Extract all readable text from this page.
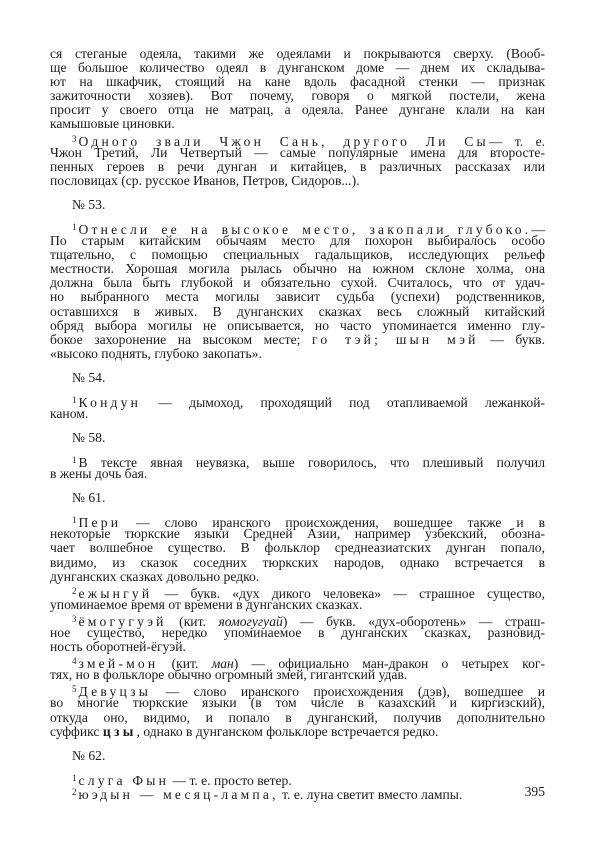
ся стеганые одеяла, такими же одеялами и покрываются сверху. (Вооб-
ще большое количество одеял в дунганском доме — днем их складыва-
ют на шкафчик, стоящий на кане вдоль фасадной стенки — признак
зажиточности хозяев). Вот почему, говоря о мягкой постели, жена
просит у своего отца не матрац, а одеяла. Ранее дунгане клали на кан
камышовые циновки.
$^3$ Одного звали Чжон Сань, другого Ли Сы— т. е.
Чжон Третий, Ли Четвертый — самые популярные имена для второсте-
пенных героев в речи дунган и китайцев, в различных рассказах или
пословицах (ср. русское Иванов, Петров, Сидоров...).
№ 53.
$^1$ Отнесли ее на высокое место, закопали глубоко.—
По старым китайским обычаям место для похорон выбиралось особо
тщательно, с помощью специальных гадальщиков, исследующих рельеф
местности. Хорошая могила рылась обычно на южном склоне холма, она
должна была быть глубокой и обязательно сухой. Считалось, что от удач-
но выбранного места могилы зависит судьба (успехи) родственников,
оставшихся в живых. В дунганских сказках весь сложный китайский
обряд выбора могилы не описывается, но часто упоминается именно глу-
бокое захоронение на высоком месте; го тэй; шын мэй — букв.
«высоко поднять, глубоко закопать».
№ 54.
$^1$ Кондун — дымоход, проходящий под отапливаемой лежанкой-
каном.
№ 58.
$^1$ В тексте явная неувязка, выше говорилось, что плешивый получил
в жены дочь бая.
№ 61.
$^1$ Пери — слово иранского происхождения, вошедшее также и в
некоторые тюркские языки Средней Азии, например узбекский, обозна-
чает волшебное существо. В фольклор среднеазиатских дунган попало,
видимо, из сказок соседних тюркских народов, однако встречается в
дунганских сказках довольно редко.
$^2$ ежынгуй — букв. «дух дикого человека» — страшное существо,
упоминаемое время от времени в дунганских сказках.
$^3$ ёмогугуэй (кит. яомогугуай) — букв. «дух-оборотень» — страш-
ное существо, нередко упоминаемое в дунганских сказках, разновид-
ность оборотней-ёгуэй.
$^4$ змей-мон (кит. ман) — официально ман-дракон о четырех ког-
тях, но в фольклоре обычно огромный змей, гигантский удав.
$^5$ Девуцзы — слово иранского происхождения (дэв), вошедшее и
во многие тюркские языки (в том числе в казахский и киргизский),
откуда оно, видимо, и попало в дунганский, получив дополнительно
суффикс цзы, однако в дунганском фольклоре встречается редко.
№ 62.
$^1$ слуга Фын — т. е. просто ветер.
$^2$ юэдын — месяц-лампа, т. е. луна светит вместо лампы.	395
